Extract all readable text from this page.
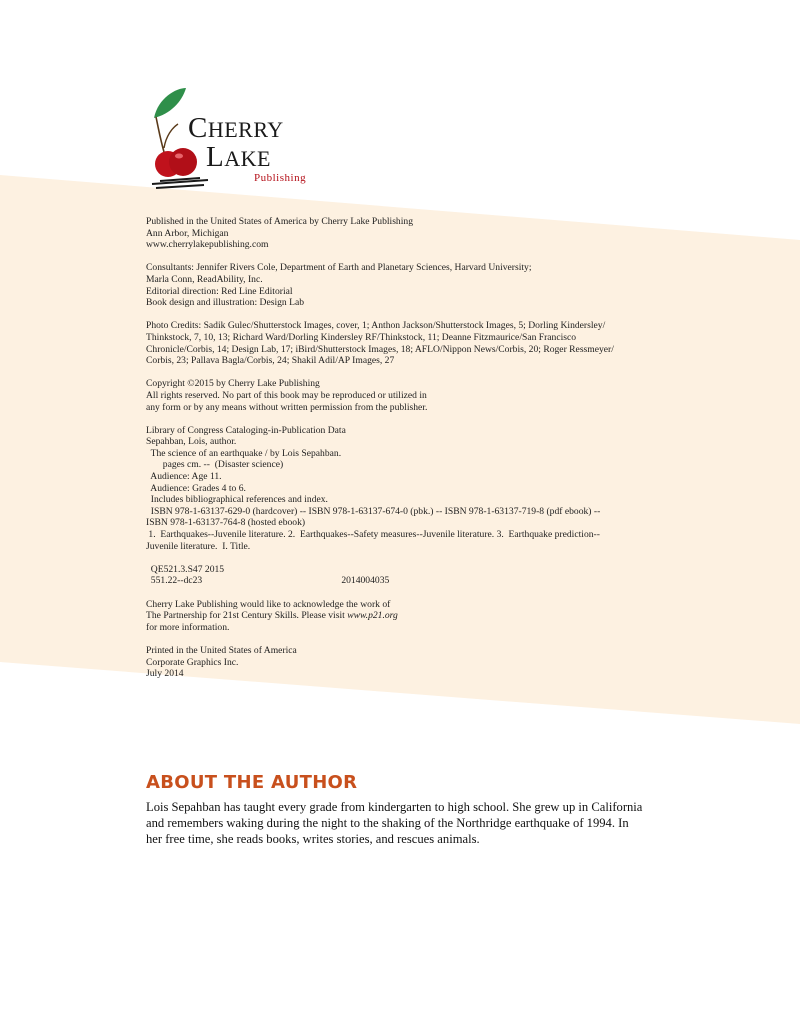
CHERRY
LAKE
Publishing
Published in the United States of America by Cherry Lake Publishing
Ann Arbor, Michigan
www.cherrylakepublishing.com
Consultants: Jennifer Rivers Cole, Department of Earth and Planetary Sciences, Harvard University;
Marla Conn, ReadAbility, Inc.
Editorial direction: Red Line Editorial
Book design and illustration: Design Lab
Photo Credits: Sadik Gulec/Shutterstock Images, cover, 1; Anthon Jackson/Shutterstock Images, 5; Dorling Kindersley/
Thinkstock, 7, 10, 13; Richard Ward/Dorling Kindersley RF/Thinkstock, 11; Deanne Fitzmaurice/San Francisco
Chronicle/Corbis, 14; Design Lab, 17; iBird/Shutterstock Images, 18; AFLO/Nippon News/Corbis, 20; Roger Ressmeyer/
Corbis, 23; Pallava Bagla/Corbis, 24; Shakil Adil/AP Images, 27
Copyright ©2015 by Cherry Lake Publishing
All rights reserved. No part of this book may be reproduced or utilized in
any form or by any means without written permission from the publisher.
Library of Congress Cataloging-in-Publication Data
Sepahban, Lois, author.
The science of an earthquake / by Lois Sepahban.
pages cm. --  (Disaster science)
Audience: Age 11.
Audience: Grades 4 to 6.
Includes bibliographical references and index.
ISBN 978-1-63137-629-0 (hardcover) -- ISBN 978-1-63137-674-0 (pbk.) -- ISBN 978-1-63137-719-8 (pdf ebook) --
ISBN 978-1-63137-764-8 (hosted ebook)
1.  Earthquakes--Juvenile literature. 2.  Earthquakes--Safety measures--Juvenile literature. 3.  Earthquake prediction--
Juvenile literature.  I. Title.
QE521.3.S47 2015
551.22--dc23                                                          2014004035
Cherry Lake Publishing would like to acknowledge the work of
The Partnership for 21st Century Skills. Please visit www.p21.org
for more information.
Printed in the United States of America
Corporate Graphics Inc.
July 2014
ABOUT THE AUTHOR

Lois Sepahban has taught every grade from kindergarten to high school. She grew up in California and remembers waking during the night to the shaking of the Northridge earthquake of 1994. In her free time, she reads books, writes stories, and rescues animals.
